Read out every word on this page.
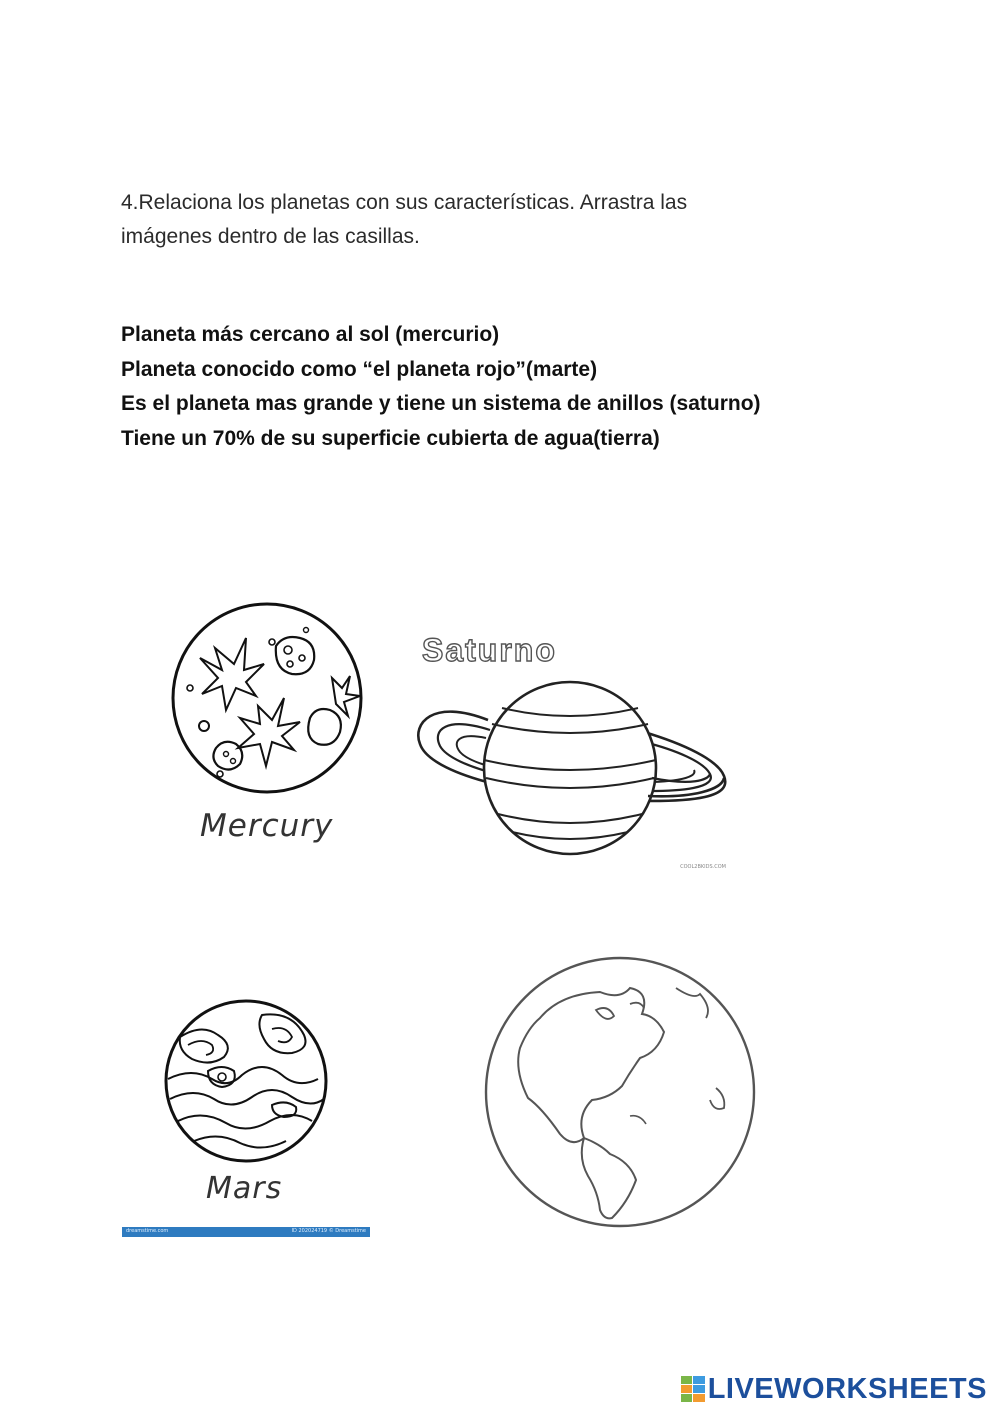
4.Relaciona los planetas con sus características. Arrastra las
imágenes dentro de las casillas.
Planeta más cercano al sol (mercurio)
Planeta conocido como “el planeta rojo”(marte)
Es el planeta mas grande y tiene un sistema de anillos (saturno)
Tiene un 70% de su superficie cubierta de agua(tierra)
Mercury
Saturno
COOL2BKIDS.COM
Mars
dreamstime.com	ID 202024719 © Dreamstime
LIVEWORKSHEETS
